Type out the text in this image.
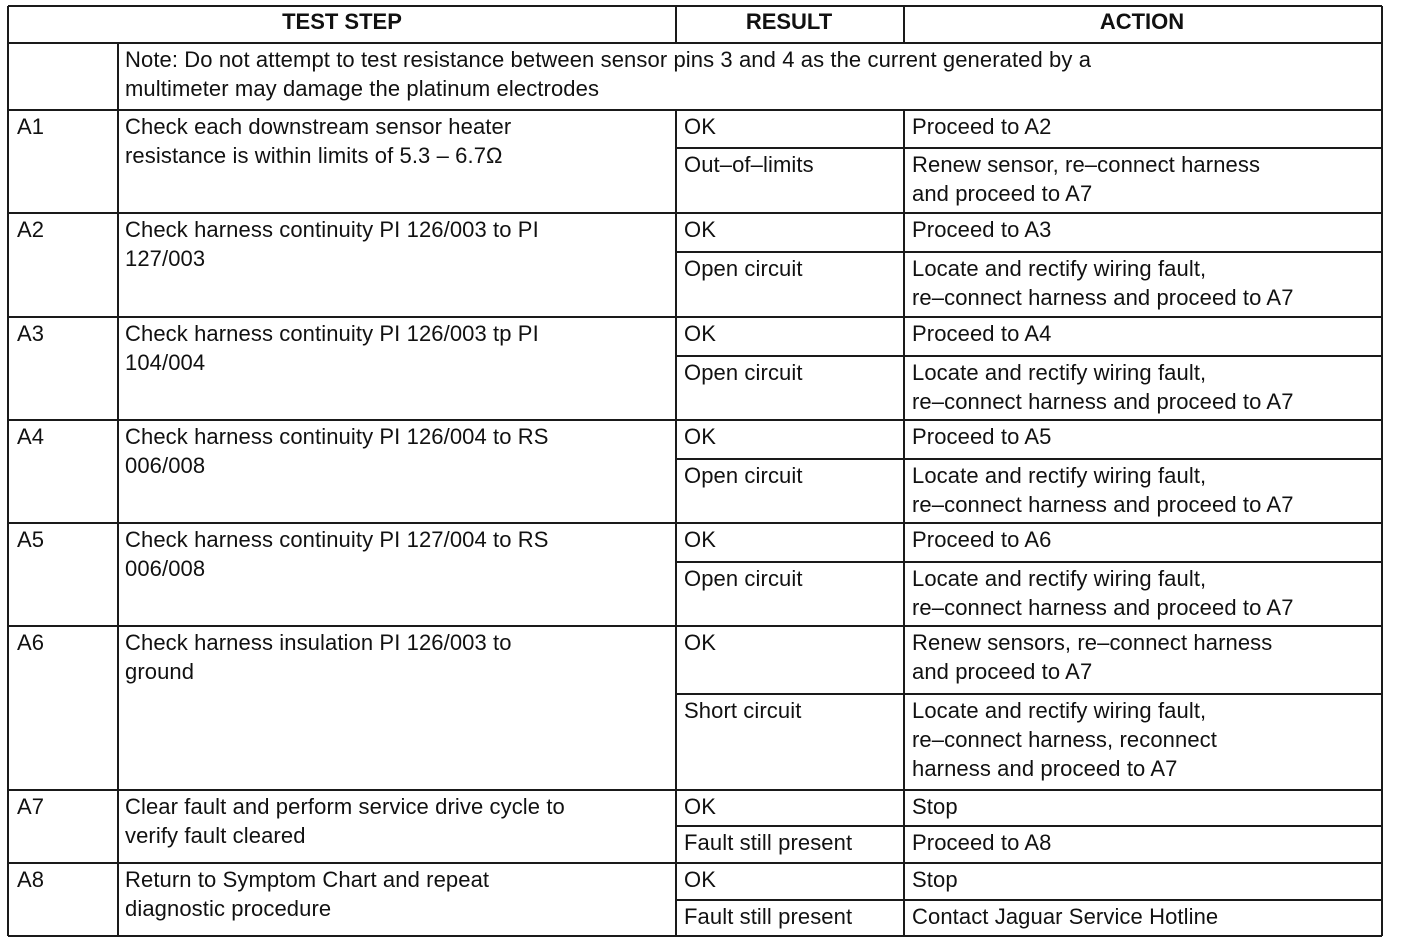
TEST STEP	RESULT	ACTION
Note: Do not attempt to test resistance between sensor pins 3 and 4 as the current generated by a
multimeter may damage the platinum electrodes
A1	Check each downstream sensor heater
resistance is within limits of 5.3 – 6.7Ω
OK	Proceed to A2
Out–of–limits	Renew sensor, re–connect harness
and proceed to A7
A2	Check harness continuity PI 126/003 to PI
127/003
OK	Proceed to A3
Open circuit	Locate and rectify wiring fault,
re–connect harness and proceed to A7
A3	Check harness continuity PI 126/003 tp PI
104/004
OK	Proceed to A4
Open circuit	Locate and rectify wiring fault,
re–connect harness and proceed to A7
A4	Check harness continuity PI 126/004 to RS
006/008
OK	Proceed to A5
Open circuit	Locate and rectify wiring fault,
re–connect harness and proceed to A7
A5	Check harness continuity PI 127/004 to RS
006/008
OK	Proceed to A6
Open circuit	Locate and rectify wiring fault,
re–connect harness and proceed to A7
A6	Check harness insulation PI 126/003 to
ground
OK	Renew sensors, re–connect harness
and proceed to A7
Short circuit	Locate and rectify wiring fault,
re–connect harness, reconnect
harness and proceed to A7
A7	Clear fault and perform service drive cycle to
verify fault cleared
OK	Stop
Fault still present	Proceed to A8
A8	Return to Symptom Chart and repeat
diagnostic procedure
OK	Stop
Fault still present	Contact Jaguar Service Hotline
